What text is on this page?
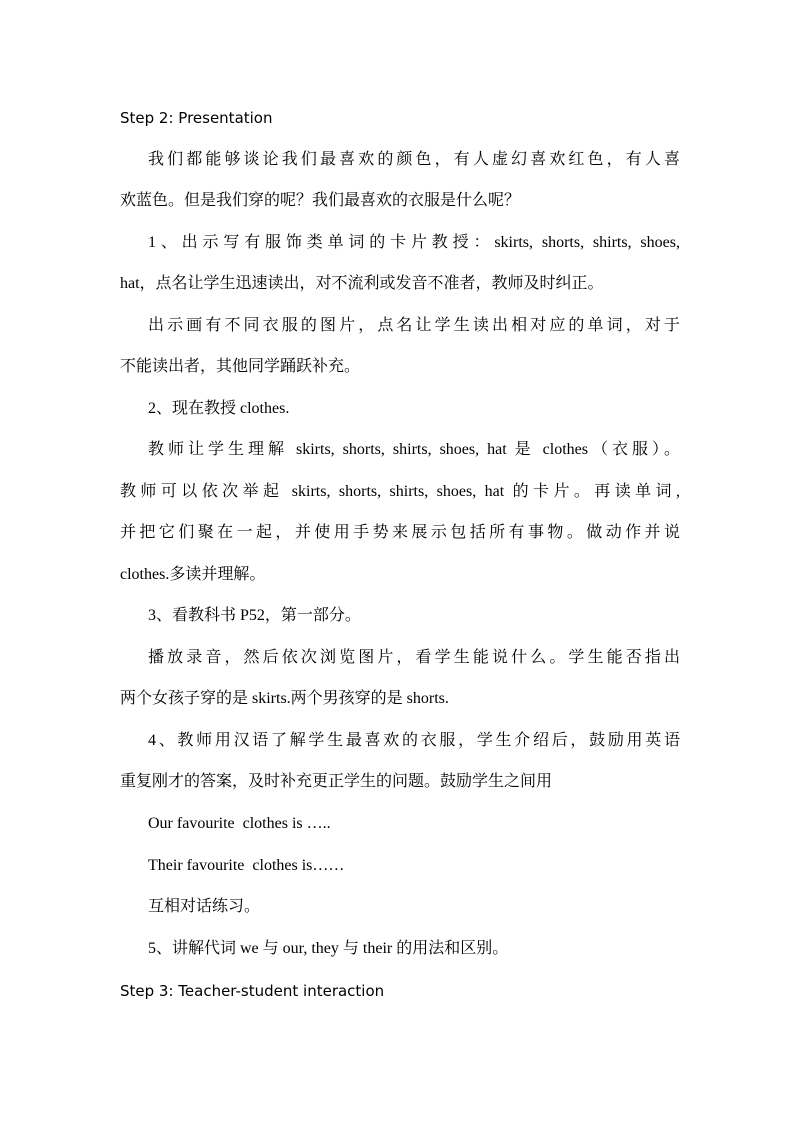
Step 2: Presentation
我们都能够谈论我们最喜欢的颜色，有人虚幻喜欢红色，有人喜
欢蓝色。但是我们穿的呢？我们最喜欢的衣服是什么呢？
1、出示写有服饰类单词的卡片教授：skirts, shorts, shirts, shoes,
hat，点名让学生迅速读出，对不流利或发音不准者，教师及时纠正。
出示画有不同衣服的图片，点名让学生读出相对应的单词，对于
不能读出者，其他同学踊跃补充。
2、现在教授 clothes.
教师让学生理解 skirts, shorts, shirts, shoes, hat 是 clothes（衣服）。
教师可以依次举起 skirts, shorts, shirts, shoes, hat 的卡片。再读单词,
并把它们聚在一起，并使用手势来展示包括所有事物。做动作并说
clothes.多读并理解。
3、看教科书 P52，第一部分。
播放录音，然后依次浏览图片，看学生能说什么。学生能否指出
两个女孩子穿的是 skirts.两个男孩穿的是 shorts.
4、教师用汉语了解学生最喜欢的衣服，学生介绍后，鼓励用英语
重复刚才的答案，及时补充更正学生的问题。鼓励学生之间用
Our favourite  clothes is …..
Their favourite  clothes is……
互相对话练习。
5、讲解代词 we 与 our, they 与 their 的用法和区别。
Step 3: Teacher-student interaction
